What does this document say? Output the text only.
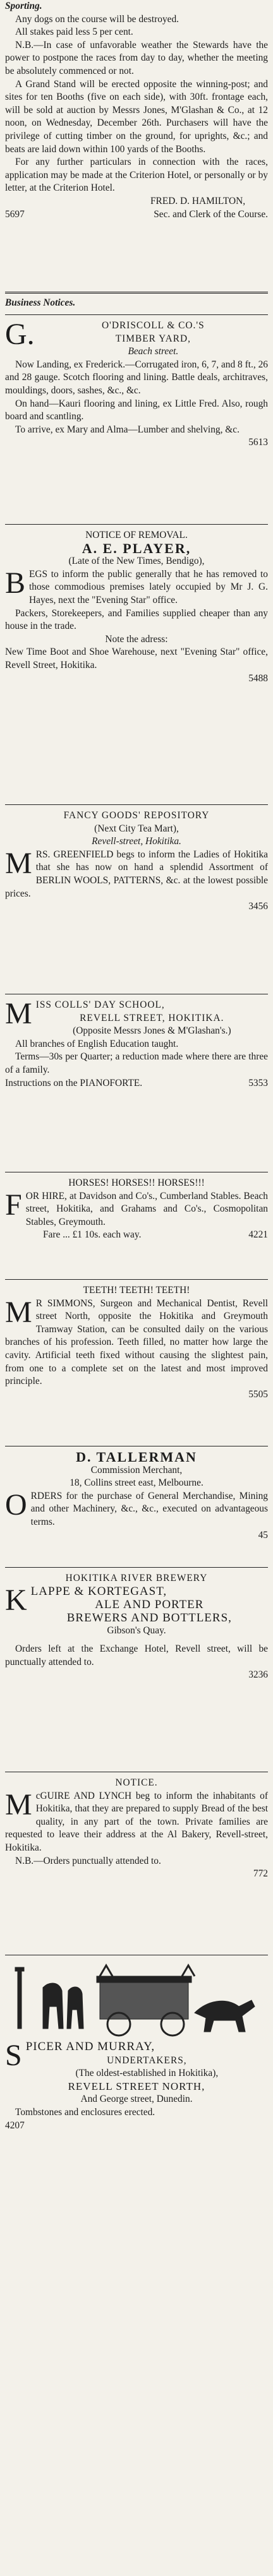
Sporting.

Any dogs on the course will be destroyed.

All stakes paid less 5 per cent.

N.B.—In case of unfavorable weather the Stewards have the power to postpone the races from day to day, whether the meeting be absolutely commenced or not.

A Grand Stand will be erected opposite the winning-post; and sites for ten Booths (five on each side), with 30ft. frontage each, will be sold at auction by Messrs Jones, M'Glashan & Co., at 12 noon, on Wednesday, December 26th. Purchasers will have the privilege of cutting timber on the ground, for uprights, &c.; and beats are laid down within 100 yards of the Booths.

For any further particulars in connection with the races, application may be made at the Criterion Hotel, or personally or by letter, at the Criterion Hotel.

FRED. D. HAMILTON,

5697	Sec. and Clerk of the Course.

Business Notices.

G.	O'DRISCOLL & CO.'S

TIMBER YARD,

Beach street.

Now Landing, ex Frederick.—Corrugated iron, 6, 7, and 8 ft., 26 and 28 gauge. Scotch flooring and lining. Battle deals, architraves, mouldings, doors, sashes, &c., &c.

On hand—Kauri flooring and lining, ex Little Fred. Also, rough board and scantling.

To arrive, ex Mary and Alma—Lumber and shelving, &c.

5613

NOTICE OF REMOVAL.

A. E. PLAYER,

(Late of the New Times, Bendigo),

BEGS to inform the public generally that he has removed to those commodious premises lately occupied by Mr J. G. Hayes, next the "Evening Star" office.

Packers, Storekeepers, and Families supplied cheaper than any house in the trade.

Note the adress:

New Time Boot and Shoe Warehouse, next "Evening Star" office, Revell Street, Hokitika.

5488

FANCY GOODS' REPOSITORY

(Next City Tea Mart),

Revell-street, Hokitika.

MRS. GREENFIELD begs to inform the Ladies of Hokitika that she has now on hand a splendid Assortment of BERLIN WOOLS, PATTERNS, &c. at the lowest possible prices.

3456

MISS COLLS' DAY SCHOOL,

REVELL STREET, HOKITIKA.

(Opposite Messrs Jones & M'Glashan's.)

All branches of English Education taught.

Terms—30s per Quarter; a reduction made where there are three of a family.

Instructions on the PIANOFORTE.	5353

HORSES! HORSES!! HORSES!!!

FOR HIRE, at Davidson and Co's., Cumberland Stables. Beach street, Hokitika, and Grahams and Co's., Cosmopolitan Stables, Greymouth.

Fare ... £1 10s. each way.	4221

TEETH! TEETH! TEETH!

M R SIMMONS, Surgeon and Mechanical Dentist, Revell street North, opposite the Hokitika and Greymouth Tramway Station, can be consulted daily on the various branches of his profession. Teeth filled, no matter how large the cavity. Artificial teeth fixed without causing the slightest pain, from one to a complete set on the latest and most improved principle.

5505

D. TALLERMAN

Commission Merchant,

18, Collins street east, Melbourne.

ORDERS for the purchase of General Merchandise, Mining and other Machinery, &c., &c., executed on advantageous terms.

45

HOKITIKA RIVER BREWERY

KLAPPE & KORTEGAST,

ALE AND PORTER

BREWERS AND BOTTLERS,

Gibson's Quay.

Orders left at the Exchange Hotel, Revell street, will be punctually attended to.

3236

NOTICE.

McGUIRE AND LYNCH beg to inform the inhabitants of Hokitika, that they are prepared to supply Bread of the best quality, in any part of the town. Private families are requested to leave their address at the Al Bakery, Revell-street, Hokitika.

N.B.—Orders punctually attended to.

772

SPICER AND MURRAY,

UNDERTAKERS,

(The oldest-established in Hokitika),

REVELL STREET NORTH,

And George street, Dunedin.

Tombstones and enclosures erected.

4207
